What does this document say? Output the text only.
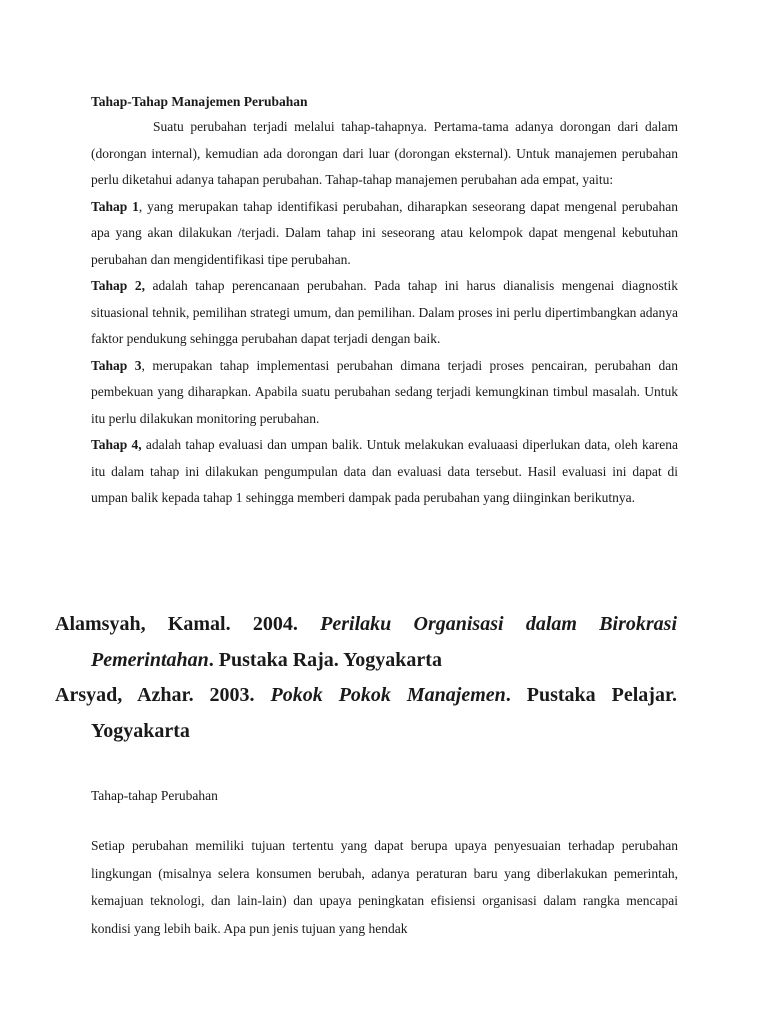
Tahap-Tahap Manajemen Perubahan

Suatu perubahan terjadi melalui tahap-tahapnya. Pertama-tama adanya dorongan dari dalam (dorongan internal), kemudian ada dorongan dari luar (dorongan eksternal). Untuk manajemen perubahan perlu diketahui adanya tahapan perubahan. Tahap-tahap manajemen perubahan ada empat, yaitu:

Tahap 1, yang merupakan tahap identifikasi perubahan, diharapkan seseorang dapat mengenal perubahan apa yang akan dilakukan /terjadi. Dalam tahap ini seseorang atau kelompok dapat mengenal kebutuhan perubahan dan mengidentifikasi tipe perubahan.

Tahap 2, adalah tahap perencanaan perubahan. Pada tahap ini harus dianalisis mengenai diagnostik situasional tehnik, pemilihan strategi umum, dan pemilihan. Dalam proses ini perlu dipertimbangkan adanya faktor pendukung sehingga perubahan dapat terjadi dengan baik.

Tahap 3, merupakan tahap implementasi perubahan dimana terjadi proses pencairan, perubahan dan pembekuan yang diharapkan. Apabila suatu perubahan sedang terjadi kemungkinan timbul masalah. Untuk itu perlu dilakukan monitoring perubahan.

Tahap 4, adalah tahap evaluasi dan umpan balik. Untuk melakukan evaluaasi diperlukan data, oleh karena itu dalam tahap ini dilakukan pengumpulan data dan evaluasi data tersebut. Hasil evaluasi ini dapat di umpan balik kepada tahap 1 sehingga memberi dampak pada perubahan yang diinginkan berikutnya.

Alamsyah, Kamal. 2004. Perilaku Organisasi dalam Birokrasi Pemerintahan. Pustaka Raja. Yogyakarta

Arsyad, Azhar. 2003. Pokok Pokok Manajemen. Pustaka Pelajar. Yogyakarta

Tahap-tahap Perubahan

Setiap perubahan memiliki tujuan tertentu yang dapat berupa upaya penyesuaian terhadap perubahan lingkungan (misalnya selera konsumen berubah, adanya peraturan baru yang diberlakukan pemerintah, kemajuan teknologi, dan lain-lain) dan upaya peningkatan efisiensi organisasi dalam rangka mencapai kondisi yang lebih baik. Apa pun jenis tujuan yang hendak
